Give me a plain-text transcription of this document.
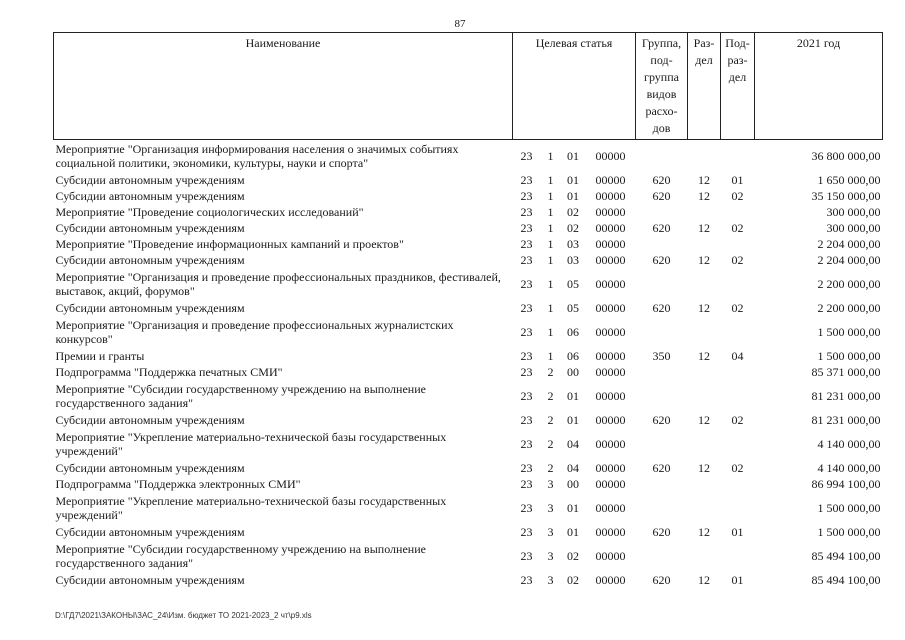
87
Наименование	Целевая статья				Группа, под-группа видов расхо-дов	Раз-дел	Под-раз-дел	2021 год
Мероприятие "Организация информирования населения о значимых событиях социальной политики, экономики, культуры, науки и спорта"	23	1	01	00000				36 800 000,00
Субсидии автономным учреждениям	23	1	01	00000	620	12	01	1 650 000,00
Субсидии автономным учреждениям	23	1	01	00000	620	12	02	35 150 000,00
Мероприятие "Проведение социологических исследований"	23	1	02	00000				300 000,00
Субсидии автономным учреждениям	23	1	02	00000	620	12	02	300 000,00
Мероприятие "Проведение информационных кампаний и проектов"	23	1	03	00000				2 204 000,00
Субсидии автономным учреждениям	23	1	03	00000	620	12	02	2 204 000,00
Мероприятие "Организация и проведение профессиональных праздников, фестивалей, выставок, акций, форумов"	23	1	05	00000				2 200 000,00
Субсидии автономным учреждениям	23	1	05	00000	620	12	02	2 200 000,00
Мероприятие "Организация и проведение профессиональных журналистских конкурсов"	23	1	06	00000				1 500 000,00
Премии и гранты	23	1	06	00000	350	12	04	1 500 000,00
Подпрограмма "Поддержка печатных СМИ"	23	2	00	00000				85 371 000,00
Мероприятие "Субсидии государственному учреждению на выполнение государственного задания"	23	2	01	00000				81 231 000,00
Субсидии автономным учреждениям	23	2	01	00000	620	12	02	81 231 000,00
Мероприятие "Укрепление материально-технической базы государственных учреждений"	23	2	04	00000				4 140 000,00
Субсидии автономным учреждениям	23	2	04	00000	620	12	02	4 140 000,00
Подпрограмма "Поддержка электронных СМИ"	23	3	00	00000				86 994 100,00
Мероприятие "Укрепление материально-технической базы государственных учреждений"	23	3	01	00000				1 500 000,00
Субсидии автономным учреждениям	23	3	01	00000	620	12	01	1 500 000,00
Мероприятие "Субсидии государственному учреждению на выполнение государственного задания"	23	3	02	00000				85 494 100,00
Субсидии автономным учреждениям	23	3	02	00000	620	12	01	85 494 100,00
D:\ГД7\2021\ЗАКОНЫ\ЗАС_24\Изм. бюджет ТО 2021-2023_2 чт\р9.xls
